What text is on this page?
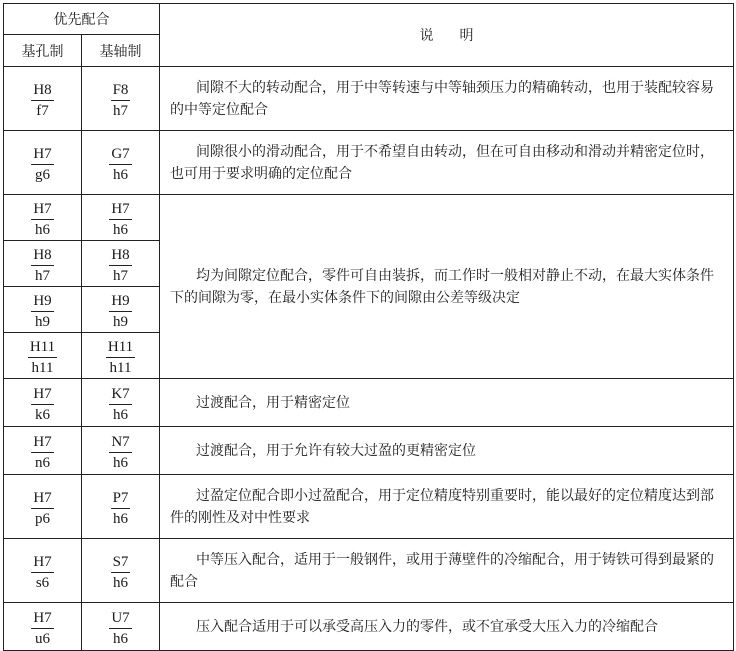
优先配合		说明
基孔制	基轴制	

$\frac{H8}{f7}$	$\frac{F8}{h7}$	间隙不大的转动配合，用于中等转速与中等轴颈压力的精确转动，也用于装配较容易的中等定位配合

$\frac{H7}{g6}$	$\frac{G7}{h6}$	间隙很小的滑动配合，用于不希望自由转动，但在可自由移动和滑动并精密定位时，也可用于要求明确的定位配合

$\frac{H7}{h6}$	$\frac{H7}{h6}$	均为间隙定位配合，零件可自由装拆，而工作时一般相对静止不动，在最大实体条件下的间隙为零，在最小实体条件下的间隙由公差等级决定

$\frac{H8}{h7}$	$\frac{H8}{h7}$

$\frac{H9}{h9}$	$\frac{H9}{h9}$

$\frac{H11}{h11}$	$\frac{H11}{h11}$

$\frac{H7}{k6}$	$\frac{K7}{h6}$	过渡配合，用于精密定位

$\frac{H7}{n6}$	$\frac{N7}{h6}$	过渡配合，用于允许有较大过盈的更精密定位

$\frac{H7}{p6}$	$\frac{P7}{h6}$	过盈定位配合即小过盈配合，用于定位精度特别重要时，能以最好的定位精度达到部件的刚性及对中性要求

$\frac{H7}{s6}$	$\frac{S7}{h6}$	中等压入配合，适用于一般钢件，或用于薄壁件的冷缩配合，用于铸铁可得到最紧的配合

$\frac{H7}{u6}$	$\frac{U7}{h6}$	压入配合适用于可以承受高压入力的零件，或不宜承受大压入力的冷缩配合
